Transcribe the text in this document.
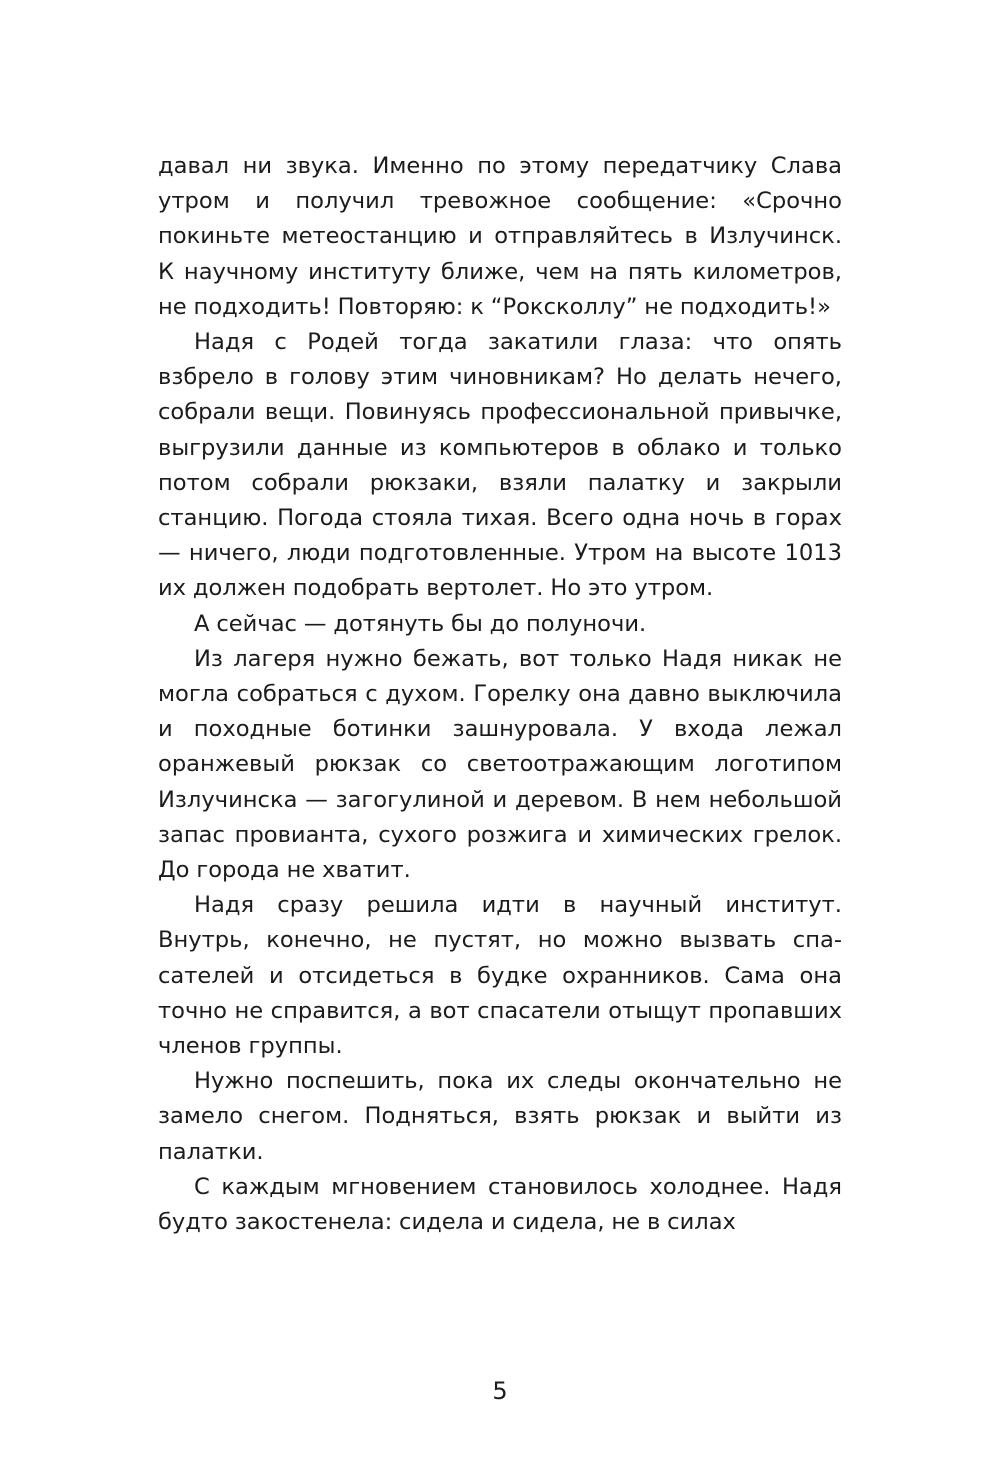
давал ни звука. Именно по этому передатчику Слава утром и получил тревожное сообщение: «Срочно покиньте метеостанцию и отправляйтесь в Излучинск. К научному институту ближе, чем на пять километров, не подходить! Повторяю: к “Роксколлу” не подходить!»

Надя с Родей тогда закатили глаза: что опять взбрело в голову этим чиновникам? Но делать нечего, собрали вещи. Повинуясь профессиональной привычке, выгрузили данные из компьютеров в облако и только потом собрали рюкзаки, взяли палатку и закрыли станцию. Погода стояла тихая. Всего одна ночь в горах — ничего, люди подготовленные. Утром на высоте 1013 их должен подобрать вертолет. Но это утром.

А сейчас — дотянуть бы до полуночи.

Из лагеря нужно бежать, вот только Надя никак не могла собраться с духом. Горелку она давно выключила и походные ботинки зашнуровала. У входа лежал оранжевый рюкзак со светоотражающим логотипом Излучинска — загогулиной и деревом. В нем небольшой запас провианта, сухого розжига и химических грелок. До города не хватит.

Надя сразу решила идти в научный институт. Внутрь, конечно, не пустят, но можно вызвать спасателей и отсидеться в будке охранников. Сама она точно не справится, а вот спасатели отыщут пропавших членов группы.

Нужно поспешить, пока их следы окончательно не замело снегом. Подняться, взять рюкзак и выйти из палатки.

С каждым мгновением становилось холоднее. Надя будто закостенела: сидела и сидела, не в силах

5
